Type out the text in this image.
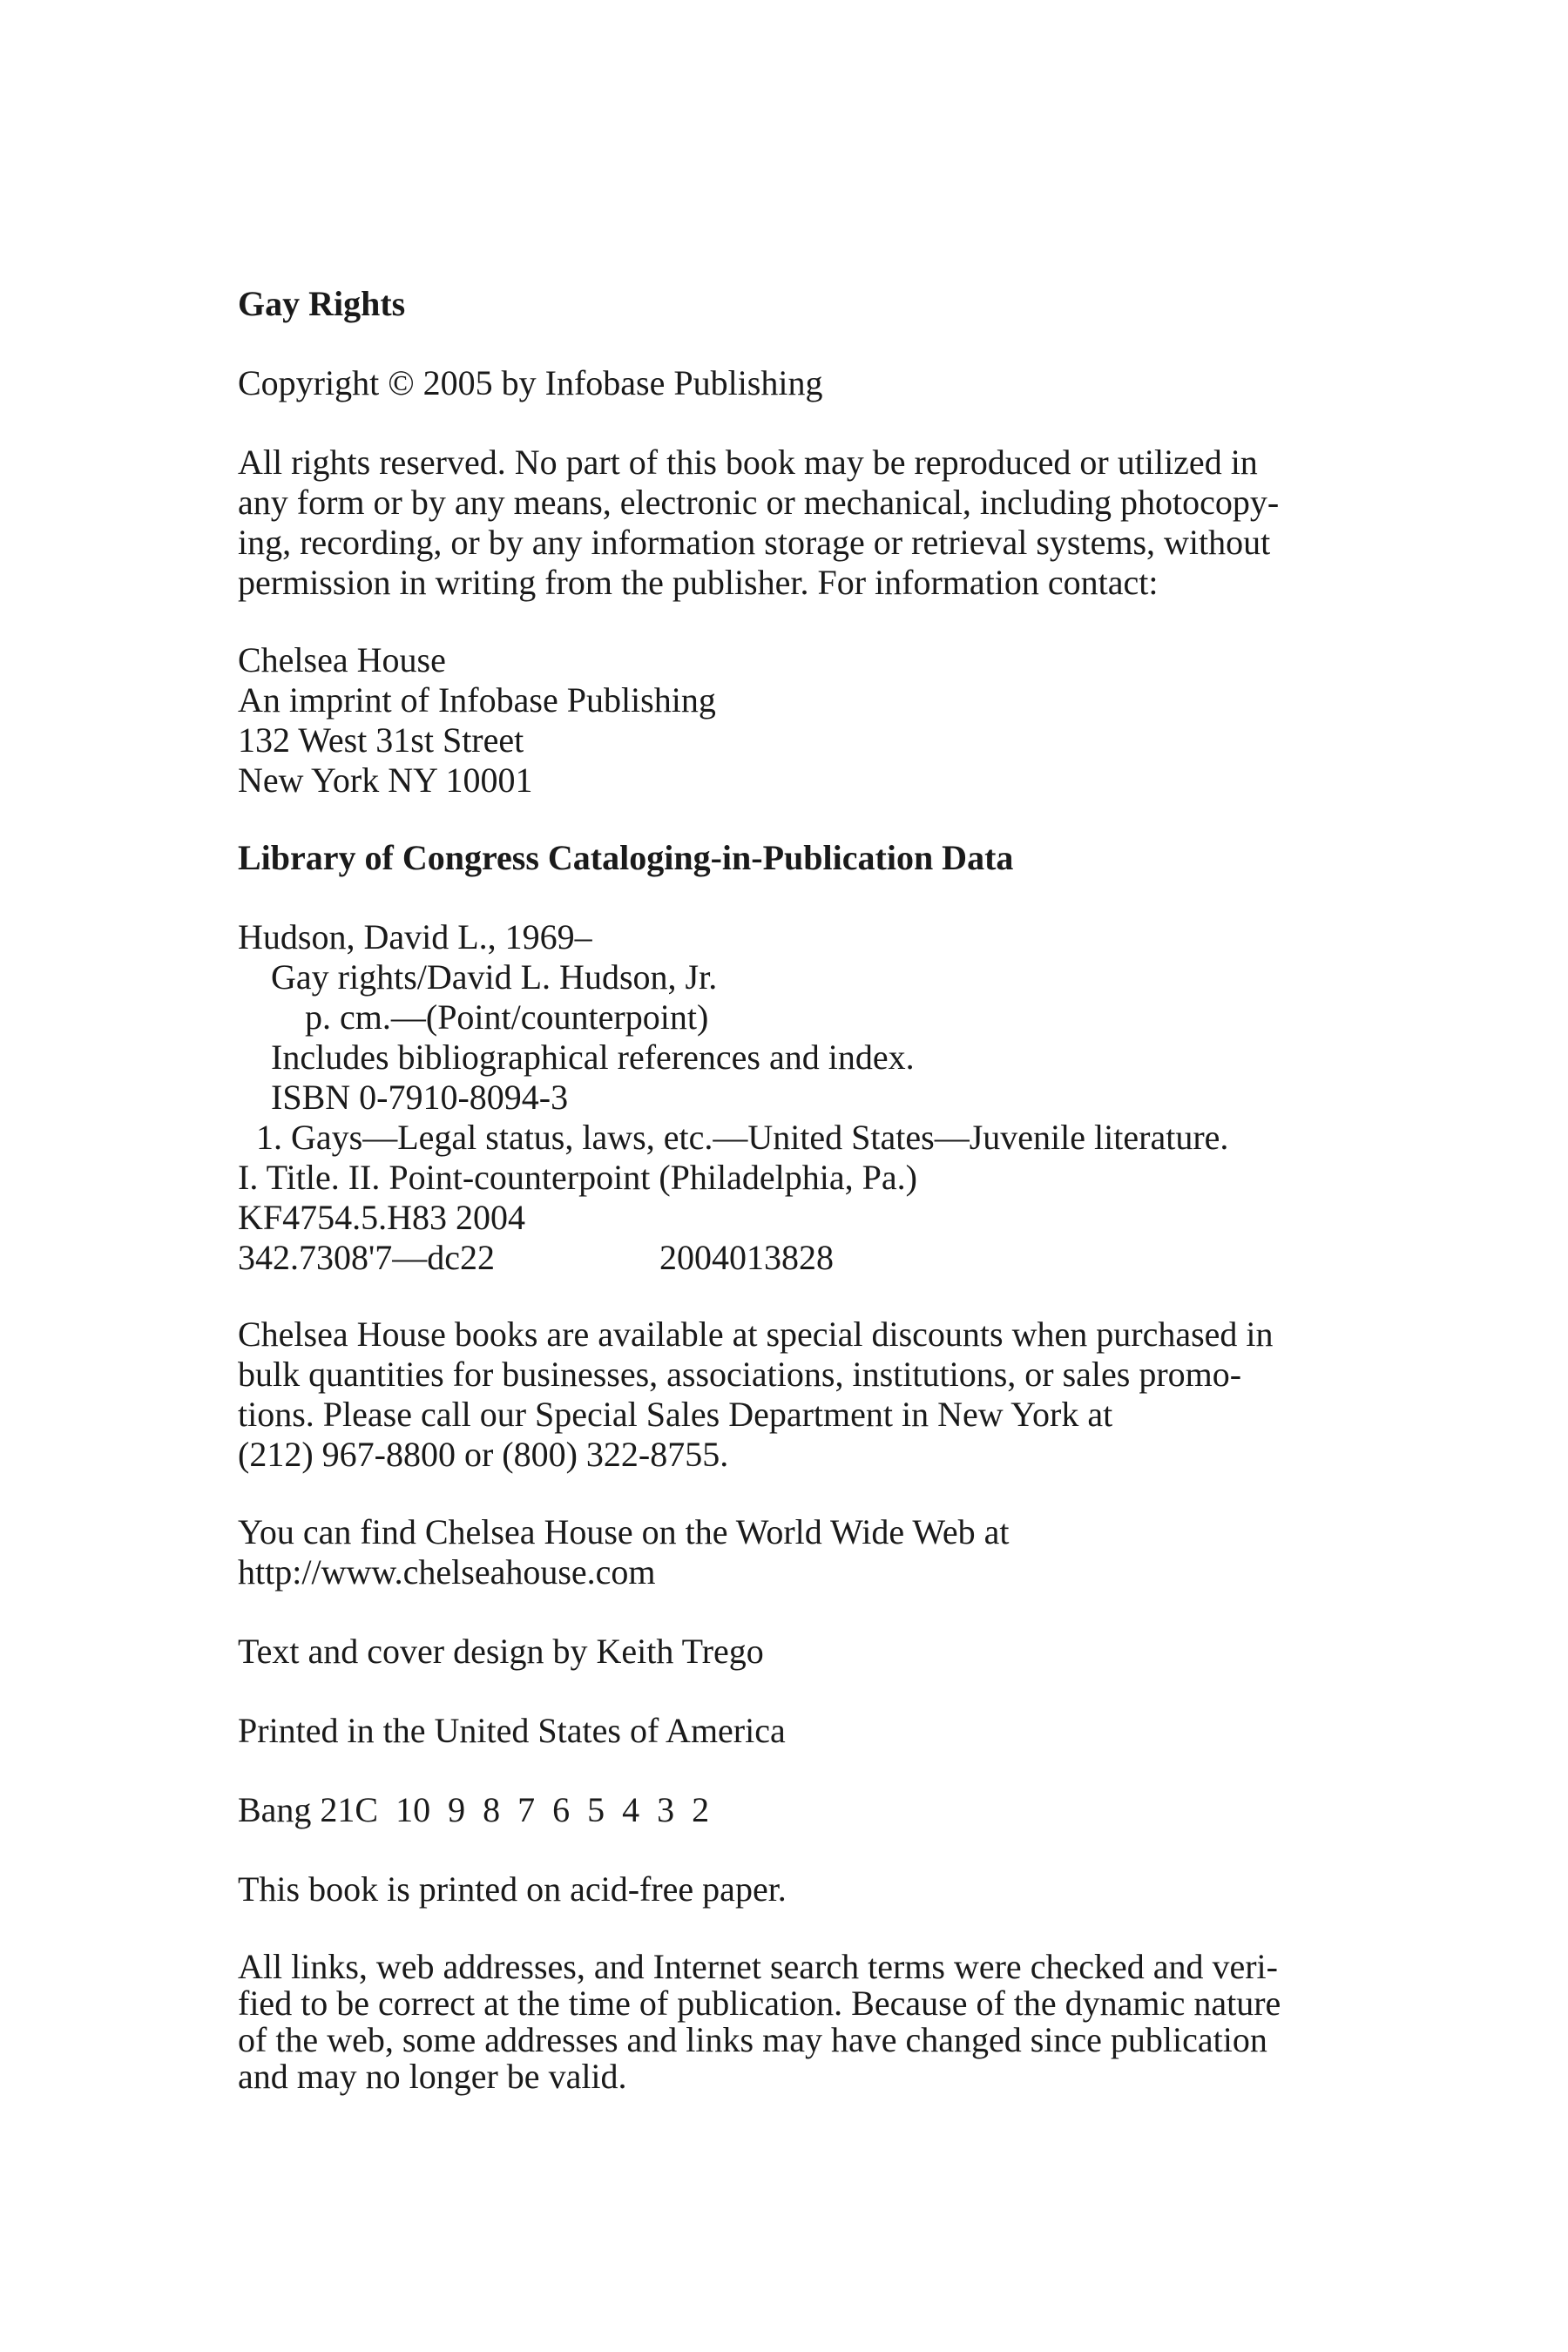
Gay Rights
Copyright © 2005 by Infobase Publishing
All rights reserved. No part of this book may be reproduced or utilized in
any form or by any means, electronic or mechanical, including photocopy-
ing, recording, or by any information storage or retrieval systems, without
permission in writing from the publisher. For information contact:
Chelsea House
An imprint of Infobase Publishing
132 West 31st Street
New York NY 10001
Library of Congress Cataloging-in-Publication Data
Hudson, David L., 1969–
Gay rights/David L. Hudson, Jr.
p. cm.—(Point/counterpoint)
Includes bibliographical references and index.
ISBN 0-7910-8094-3
1. Gays—Legal status, laws, etc.—United States—Juvenile literature.
I. Title. II. Point-counterpoint (Philadelphia, Pa.)
KF4754.5.H83 2004
342.7308'7—dc22	2004013828
Chelsea House books are available at special discounts when purchased in
bulk quantities for businesses, associations, institutions, or sales promo-
tions. Please call our Special Sales Department in New York at
(212) 967-8800 or (800) 322-8755.
You can find Chelsea House on the World Wide Web at
http://www.chelseahouse.com
Text and cover design by Keith Trego
Printed in the United States of America
Bang 21C  10  9  8  7  6  5  4  3  2
This book is printed on acid-free paper.
All links, web addresses, and Internet search terms were checked and veri-
fied to be correct at the time of publication. Because of the dynamic nature
of the web, some addresses and links may have changed since publication
and may no longer be valid.
